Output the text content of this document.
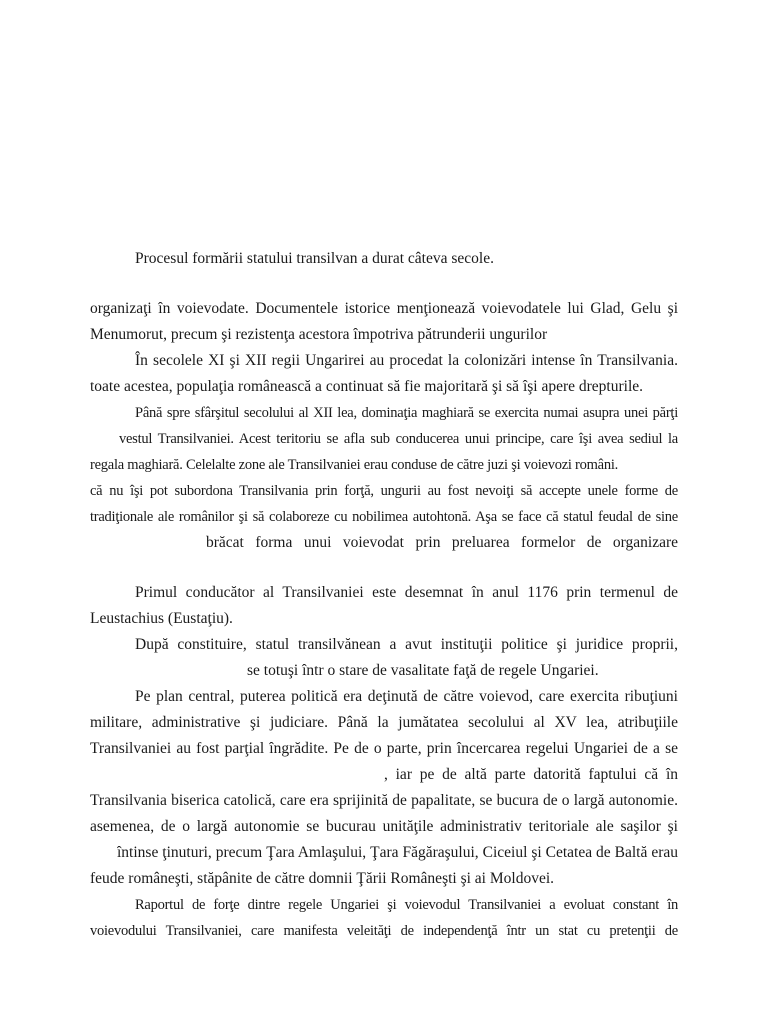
Procesul formării statului transilvan a durat câteva secole.
organizaţi în voievodate. Documentele istorice menţionează voievodatele lui Glad, Gelu şi
Menumorut, precum şi rezistenţa acestora împotriva pătrunderii ungurilor
În secolele XI şi XII regii Ungarirei au procedat la colonizări intense în Transilvania.
toate acestea, populaţia românească a continuat să fie majoritară şi să îşi apere drepturile.
Până spre sfârşitul secolului al XII lea, dominaţia maghiară se exercita numai asupra unei părţi
vestul Transilvaniei. Acest teritoriu se afla sub conducerea unui principe, care îşi avea sediul la
regala maghiară. Celelalte zone ale Transilvaniei erau conduse de către juzi şi voievozi români.
că nu îşi pot subordona Transilvania prin forţă, ungurii au fost nevoiţi să accepte unele forme de
tradiţionale ale românilor şi să colaboreze cu nobilimea autohtonă. Aşa se face că statul feudal de sine
brăcat forma unui voievodat prin preluarea formelor de organizare
Primul conducător al Transilvaniei este desemnat în anul 1176 prin termenul de
Leustachius (Eustaţiu).
După constituire, statul transilvănean a avut instituţii politice şi juridice proprii,
se totuşi într o stare de vasalitate faţă de regele Ungariei.
Pe plan central, puterea politică era deţinută de către voievod, care exercita ribuţiuni
militare, administrative şi judiciare. Până la jumătatea secolului al XV lea, atribuţiile
Transilvaniei au fost parţial îngrădite. Pe de o parte, prin încercarea regelui Ungariei de a se
, iar pe de altă parte datorită faptului că în
Transilvania biserica catolică, care era sprijinită de papalitate, se bucura de o largă autonomie.
asemenea, de o largă autonomie se bucurau unităţile administrativ teritoriale ale saşilor şi
întinse ţinuturi, precum Ţara Amlaşului, Ţara Făgăraşului, Ciceiul şi Cetatea de Baltă erau
feude româneşti, stăpânite de către domnii Ţării Româneşti şi ai Moldovei.
Raportul de forţe dintre regele Ungariei şi voievodul Transilvaniei a evoluat constant în
voievodului Transilvaniei, care manifesta veleităţi de independenţă într un stat cu pretenţii de
